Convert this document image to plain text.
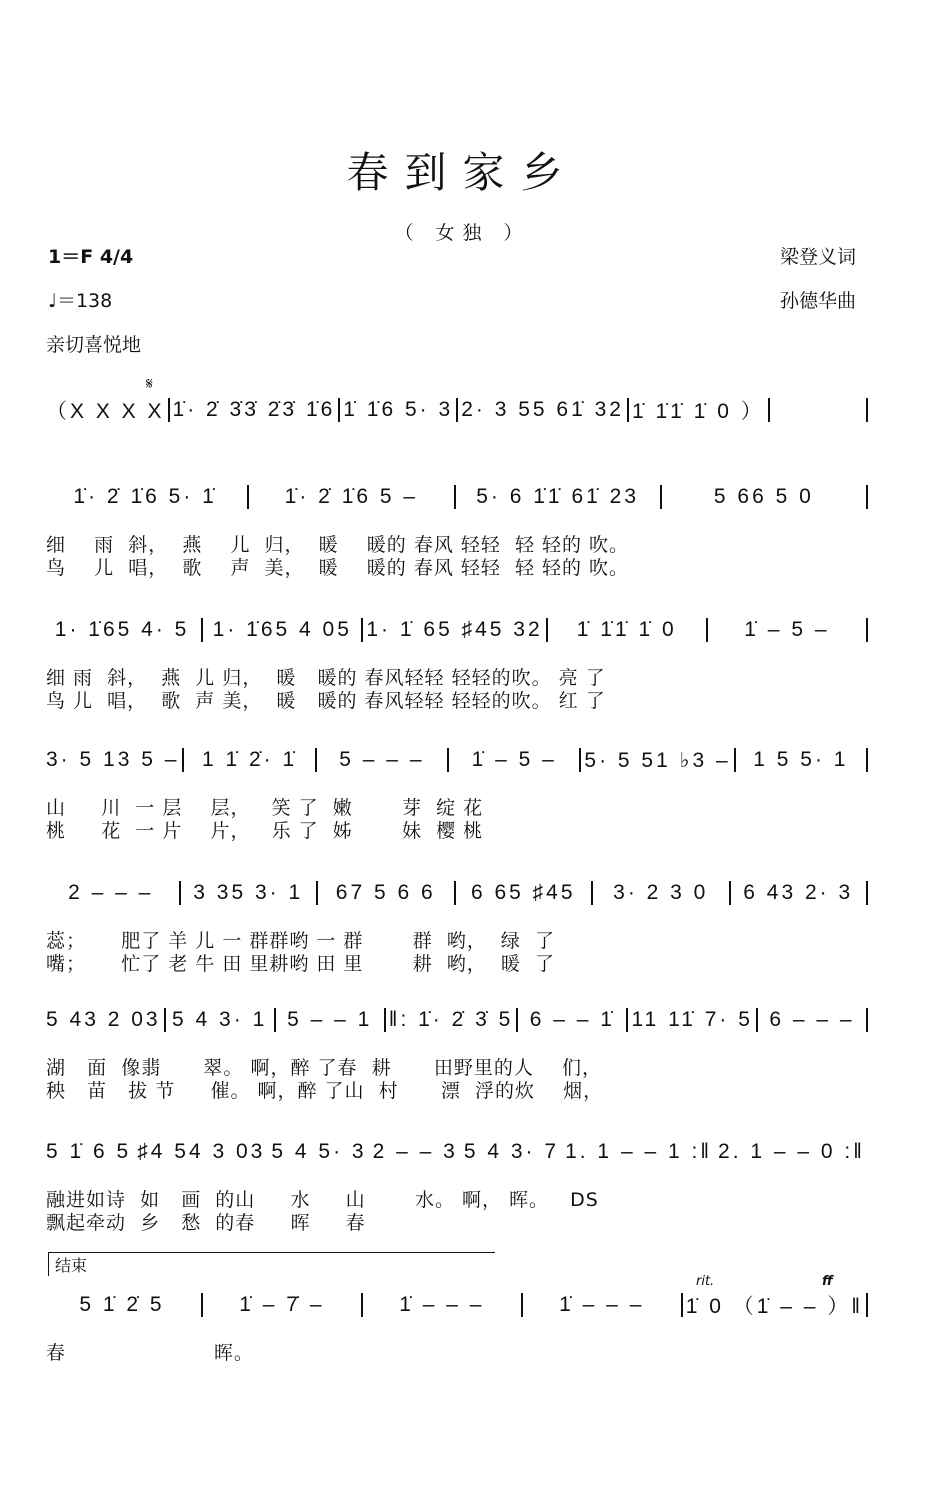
春到家乡
（ 女独 ）
1＝F 4/4
♩＝138
亲切喜悦地
梁登义词
孙德华曲
𝄋
结束
rit.	ff
（X X X X 1̇· 2̇ 3̇3̇ 2̇3̇ 1̇6 1̇ 1̇6 5· 3 2· 3 55 61̇ 32 1̇ 1̇1̇ 1̇ 0 ）
1̇· 2̇ 1̇6 5· 1̇	1̇· 2̇ 1̇6 5 –	5· 6 1̇1̇ 61̇ 23	5 66 5 0
细    雨  斜，  燕    儿  归，  暖    暖的 春风 轻轻  轻 轻的 吹。
鸟    儿  唱，  歌    声  美，  暖    暖的 春风 轻轻  轻 轻的 吹。
1· 1̇65 4· 5	1· 1̇65 4 05 1· 1̇ 65 ♯45 32	1̇ 1̇1̇ 1̇ 0	1̇ – 5 –
细 雨  斜，  燕  儿 归，  暖   暖的 春风轻轻 轻轻的吹。 亮 了
鸟 儿  唱，  歌  声 美，  暖   暖的 春风轻轻 轻轻的吹。 红 了
3· 5 13 5 –	1 1̇ 2̇· 1̇	5 – – –	1̇ – 5 –	5· 5 51 ♭3 –	1 5 5· 1
山     川  一 层    层，   笑 了  嫩       芽  绽 花
桃     花  一 片    片，   乐 了  姊       妹  樱 桃
2 – – –	3 35 3· 1	67 5 6 6	6 65 ♯45	3· 2 3 0	6 43 2· 3
蕊；     肥了 羊 儿 一 群群哟 一 群       群  哟，  绿  了
嘴；     忙了 老 牛 田 里耕哟 田 里       耕  哟，  暖  了
5 43 2 03 5 4 3· 1 5 – – 1 ‖: 1̇· 2̇ 3̇ 5 6 – – 1̇ 11 11̇ 7· 5 6 – – –
湖   面  像翡      翠。 啊，醉 了春  耕      田野里的人    们，
秧   苗   拔 节     催。 啊，醉 了山  村      漂  浮的炊    烟，
5 1̇ 6 5 ♯4 54 3 03 5 4 5· 3 2 – – 3 5 4 3· 7 1. 1 – – 1 :‖ 2. 1 – – 0 :‖
融进如诗  如   画  的山     水     山       水。 啊， 晖。   DS
飘起牵动  乡   愁  的春     晖     春
5 1̇ 2̇ 5	1̇ – 7̇ –	1̇ – – –	1̇ – – –	1̇ 0 （1̇ – – ）‖
春                     晖。
